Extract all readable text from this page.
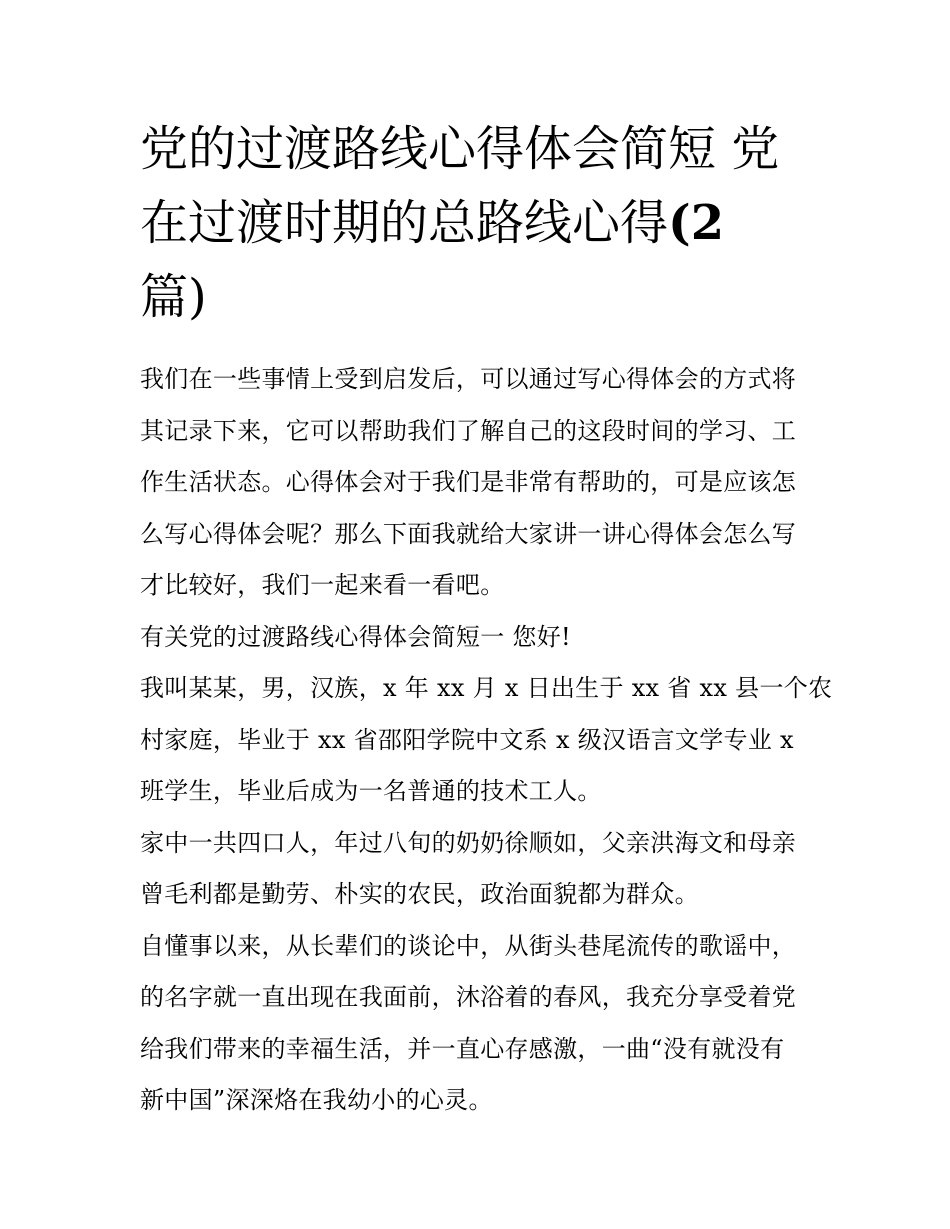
党的过渡路线心得体会简短 党
在过渡时期的总路线心得(2
篇)
我们在一些事情上受到启发后，可以通过写心得体会的方式将
其记录下来，它可以帮助我们了解自己的这段时间的学习、工
作生活状态。心得体会对于我们是非常有帮助的，可是应该怎
么写心得体会呢？那么下面我就给大家讲一讲心得体会怎么写
才比较好，我们一起来看一看吧。
有关党的过渡路线心得体会简短一 您好!
我叫某某，男，汉族，x 年 xx 月 x 日出生于 xx 省 xx 县一个农
村家庭，毕业于 xx 省邵阳学院中文系 x 级汉语言文学专业 x
班学生，毕业后成为一名普通的技术工人。
家中一共四口人，年过八旬的奶奶徐顺如，父亲洪海文和母亲
曾毛利都是勤劳、朴实的农民，政治面貌都为群众。
自懂事以来，从长辈们的谈论中，从街头巷尾流传的歌谣中，
的名字就一直出现在我面前，沐浴着的春风，我充分享受着党
给我们带来的幸福生活，并一直心存感激，一曲“没有就没有
新中国”深深烙在我幼小的心灵。
